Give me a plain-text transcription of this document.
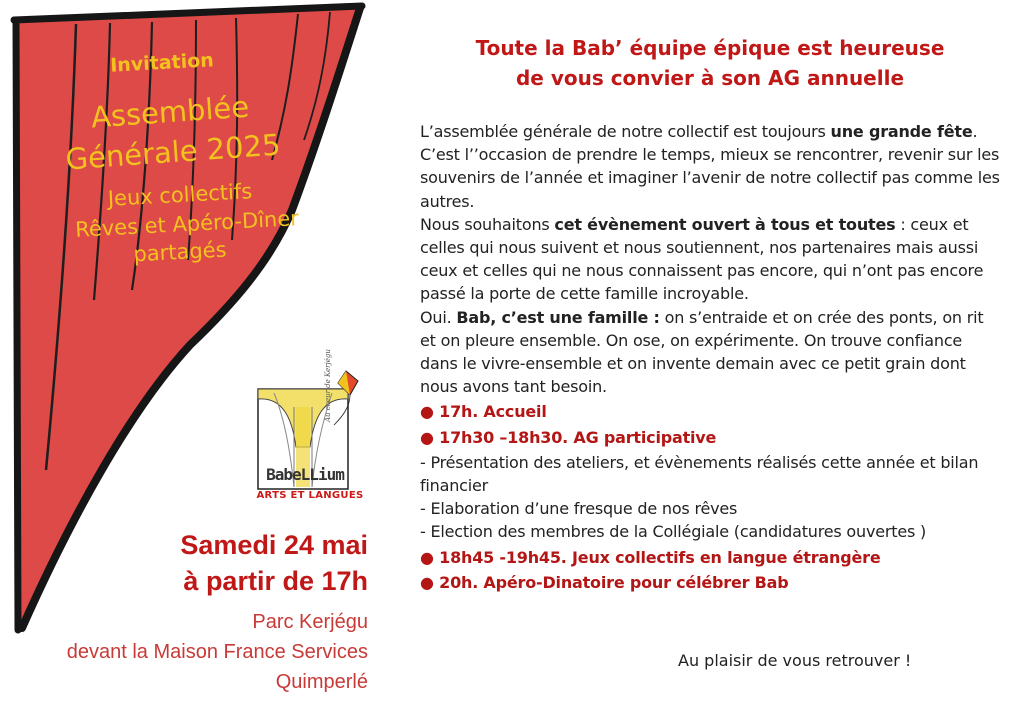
Invitation
Assemblée
Générale 2025
Jeux collectifs
Rêves et Apéro-Dîner
partagés
Au coeur de Kerjégu
BabeLLium
ARTS ET LANGUES
Samedi 24 mai
à partir de 17h
Parc Kerjégu
devant la Maison France Services
Quimperlé
Toute la Bab’ équipe épique est heureuse
de vous convier à son AG annuelle

L’assemblée générale de notre collectif est toujours une grande fête. C’est l’’occasion de prendre le temps, mieux se rencontrer, revenir sur les souvenirs de l’année et imaginer l’avenir de notre collectif pas comme les autres.

Nous souhaitons cet évènement ouvert à tous et toutes : ceux et celles qui nous suivent et nous soutiennent, nos partenaires mais aussi ceux et celles qui ne nous connaissent pas encore, qui n’ont pas encore passé la porte de cette famille incroyable.

Oui. Bab, c’est une famille : on s’entraide et on crée des ponts, on rit et on pleure ensemble. On ose, on expérimente. On trouve confiance dans le vivre-ensemble et on invente demain avec ce petit grain dont nous avons tant besoin.

● 17h. Accueil

● 17h30 –18h30. AG participative

- Présentation des ateliers, et évènements réalisés cette année et bilan financier

- Elaboration d’une fresque de nos rêves

- Election des membres de la Collégiale (candidatures ouvertes )

● 18h45 -19h45. Jeux collectifs en langue étrangère

● 20h. Apéro-Dinatoire pour célébrer Bab

Au plaisir de vous retrouver !
